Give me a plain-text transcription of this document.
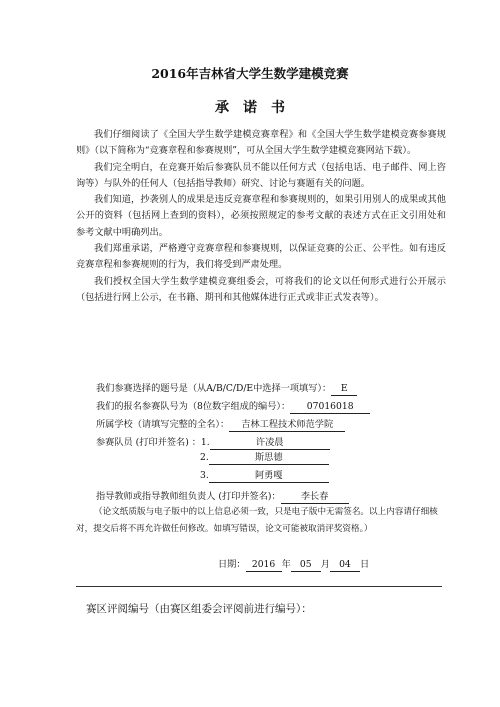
2016年吉林省大学生数学建模竞赛
承诺书

我们仔细阅读了《全国大学生数学建模竞赛章程》和《全国大学生数学建模竞赛参赛规则》（以下简称为“竞赛章程和参赛规则”，可从全国大学生数学建模竞赛网站下载）。

我们完全明白，在竞赛开始后参赛队员不能以任何方式（包括电话、电子邮件、网上咨询等）与队外的任何人（包括指导教师）研究、讨论与赛题有关的问题。

我们知道，抄袭别人的成果是违反竞赛章程和参赛规则的，如果引用别人的成果或其他公开的资料（包括网上查到的资料），必须按照规定的参考文献的表述方式在正文引用处和参考文献中明确列出。

我们郑重承诺，严格遵守竞赛章程和参赛规则，以保证竞赛的公正、公平性。如有违反竞赛章程和参赛规则的行为，我们将受到严肃处理。

我们授权全国大学生数学建模竞赛组委会，可将我们的论文以任何形式进行公开展示（包括进行网上公示，在书籍、期刊和其他媒体进行正式或非正式发表等）。

我们参赛选择的题号是（从A/B/C/D/E中选择一项填写）： E
我们的报名参赛队号为（8位数字组成的编号）： 07016018
所属学校（请填写完整的全名）： 吉林工程技术师范学院
参赛队员 (打印并签名) ：1.	许凌晨
2.	斯思德
3.	阿勇嘎
指导教师或指导教师组负责人 (打印并签名)： 李长春
（论文纸质版与电子版中的以上信息必须一致，只是电子版中无需签名。以上内容请仔细核对，提交后将不再允许做任何修改。如填写错误，论文可能被取消评奖资格。）
日期： 2016 年 05 月 04 日
赛区评阅编号（由赛区组委会评阅前进行编号）：
